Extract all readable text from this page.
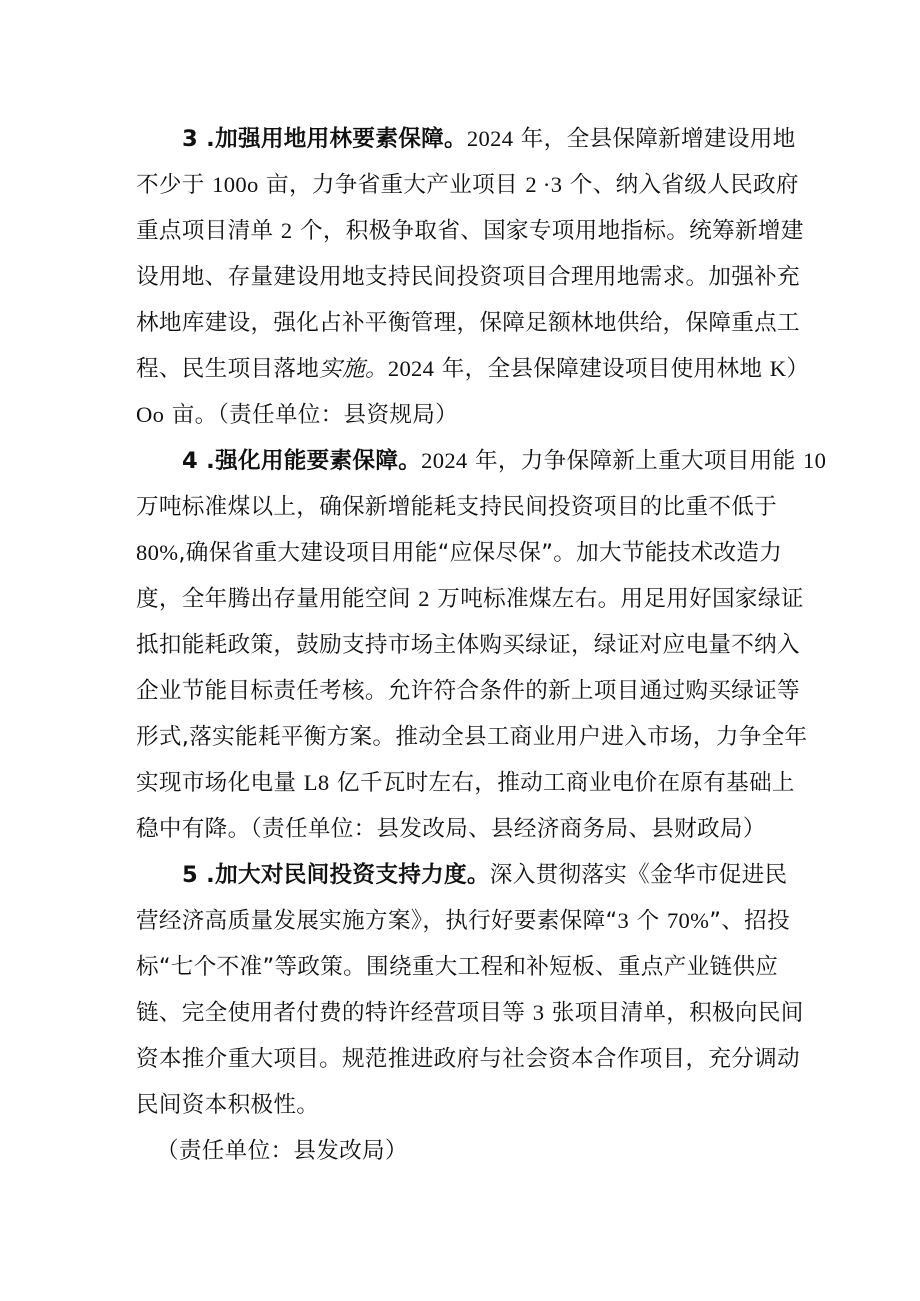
3 .加强用地用林要素保障。2024 年，全县保障新增建设用地
不少于 100o 亩，力争省重大产业项目 2 ·3 个、纳入省级人民政府
重点项目清单 2 个，积极争取省、国家专项用地指标。统筹新增建
设用地、存量建设用地支持民间投资项目合理用地需求。加强补充
林地库建设，强化占补平衡管理，保障足额林地供给，保障重点工
程、民生项目落地实施。2024 年，全县保障建设项目使用林地 K）
Oo 亩。（责任单位：县资规局）
4 .强化用能要素保障。2024 年，力争保障新上重大项目用能 10
万吨标准煤以上，确保新增能耗支持民间投资项目的比重不低于
80%,确保省重大建设项目用能“应保尽保”。加大节能技术改造力
度，全年腾出存量用能空间 2 万吨标准煤左右。用足用好国家绿证
抵扣能耗政策，鼓励支持市场主体购买绿证，绿证对应电量不纳入
企业节能目标责任考核。允许符合条件的新上项目通过购买绿证等
形式,落实能耗平衡方案。推动全县工商业用户进入市场，力争全年
实现市场化电量 L8 亿千瓦时左右，推动工商业电价在原有基础上
稳中有降。（责任单位：县发改局、县经济商务局、县财政局）
5 .加大对民间投资支持力度。深入贯彻落实《金华市促进民
营经济高质量发展实施方案》，执行好要素保障“3 个 70%”、招投
标“七个不准”等政策。围绕重大工程和补短板、重点产业链供应
链、完全使用者付费的特许经营项目等 3 张项目清单，积极向民间
资本推介重大项目。规范推进政府与社会资本合作项目，充分调动
民间资本积极性。
（责任单位：县发改局）
